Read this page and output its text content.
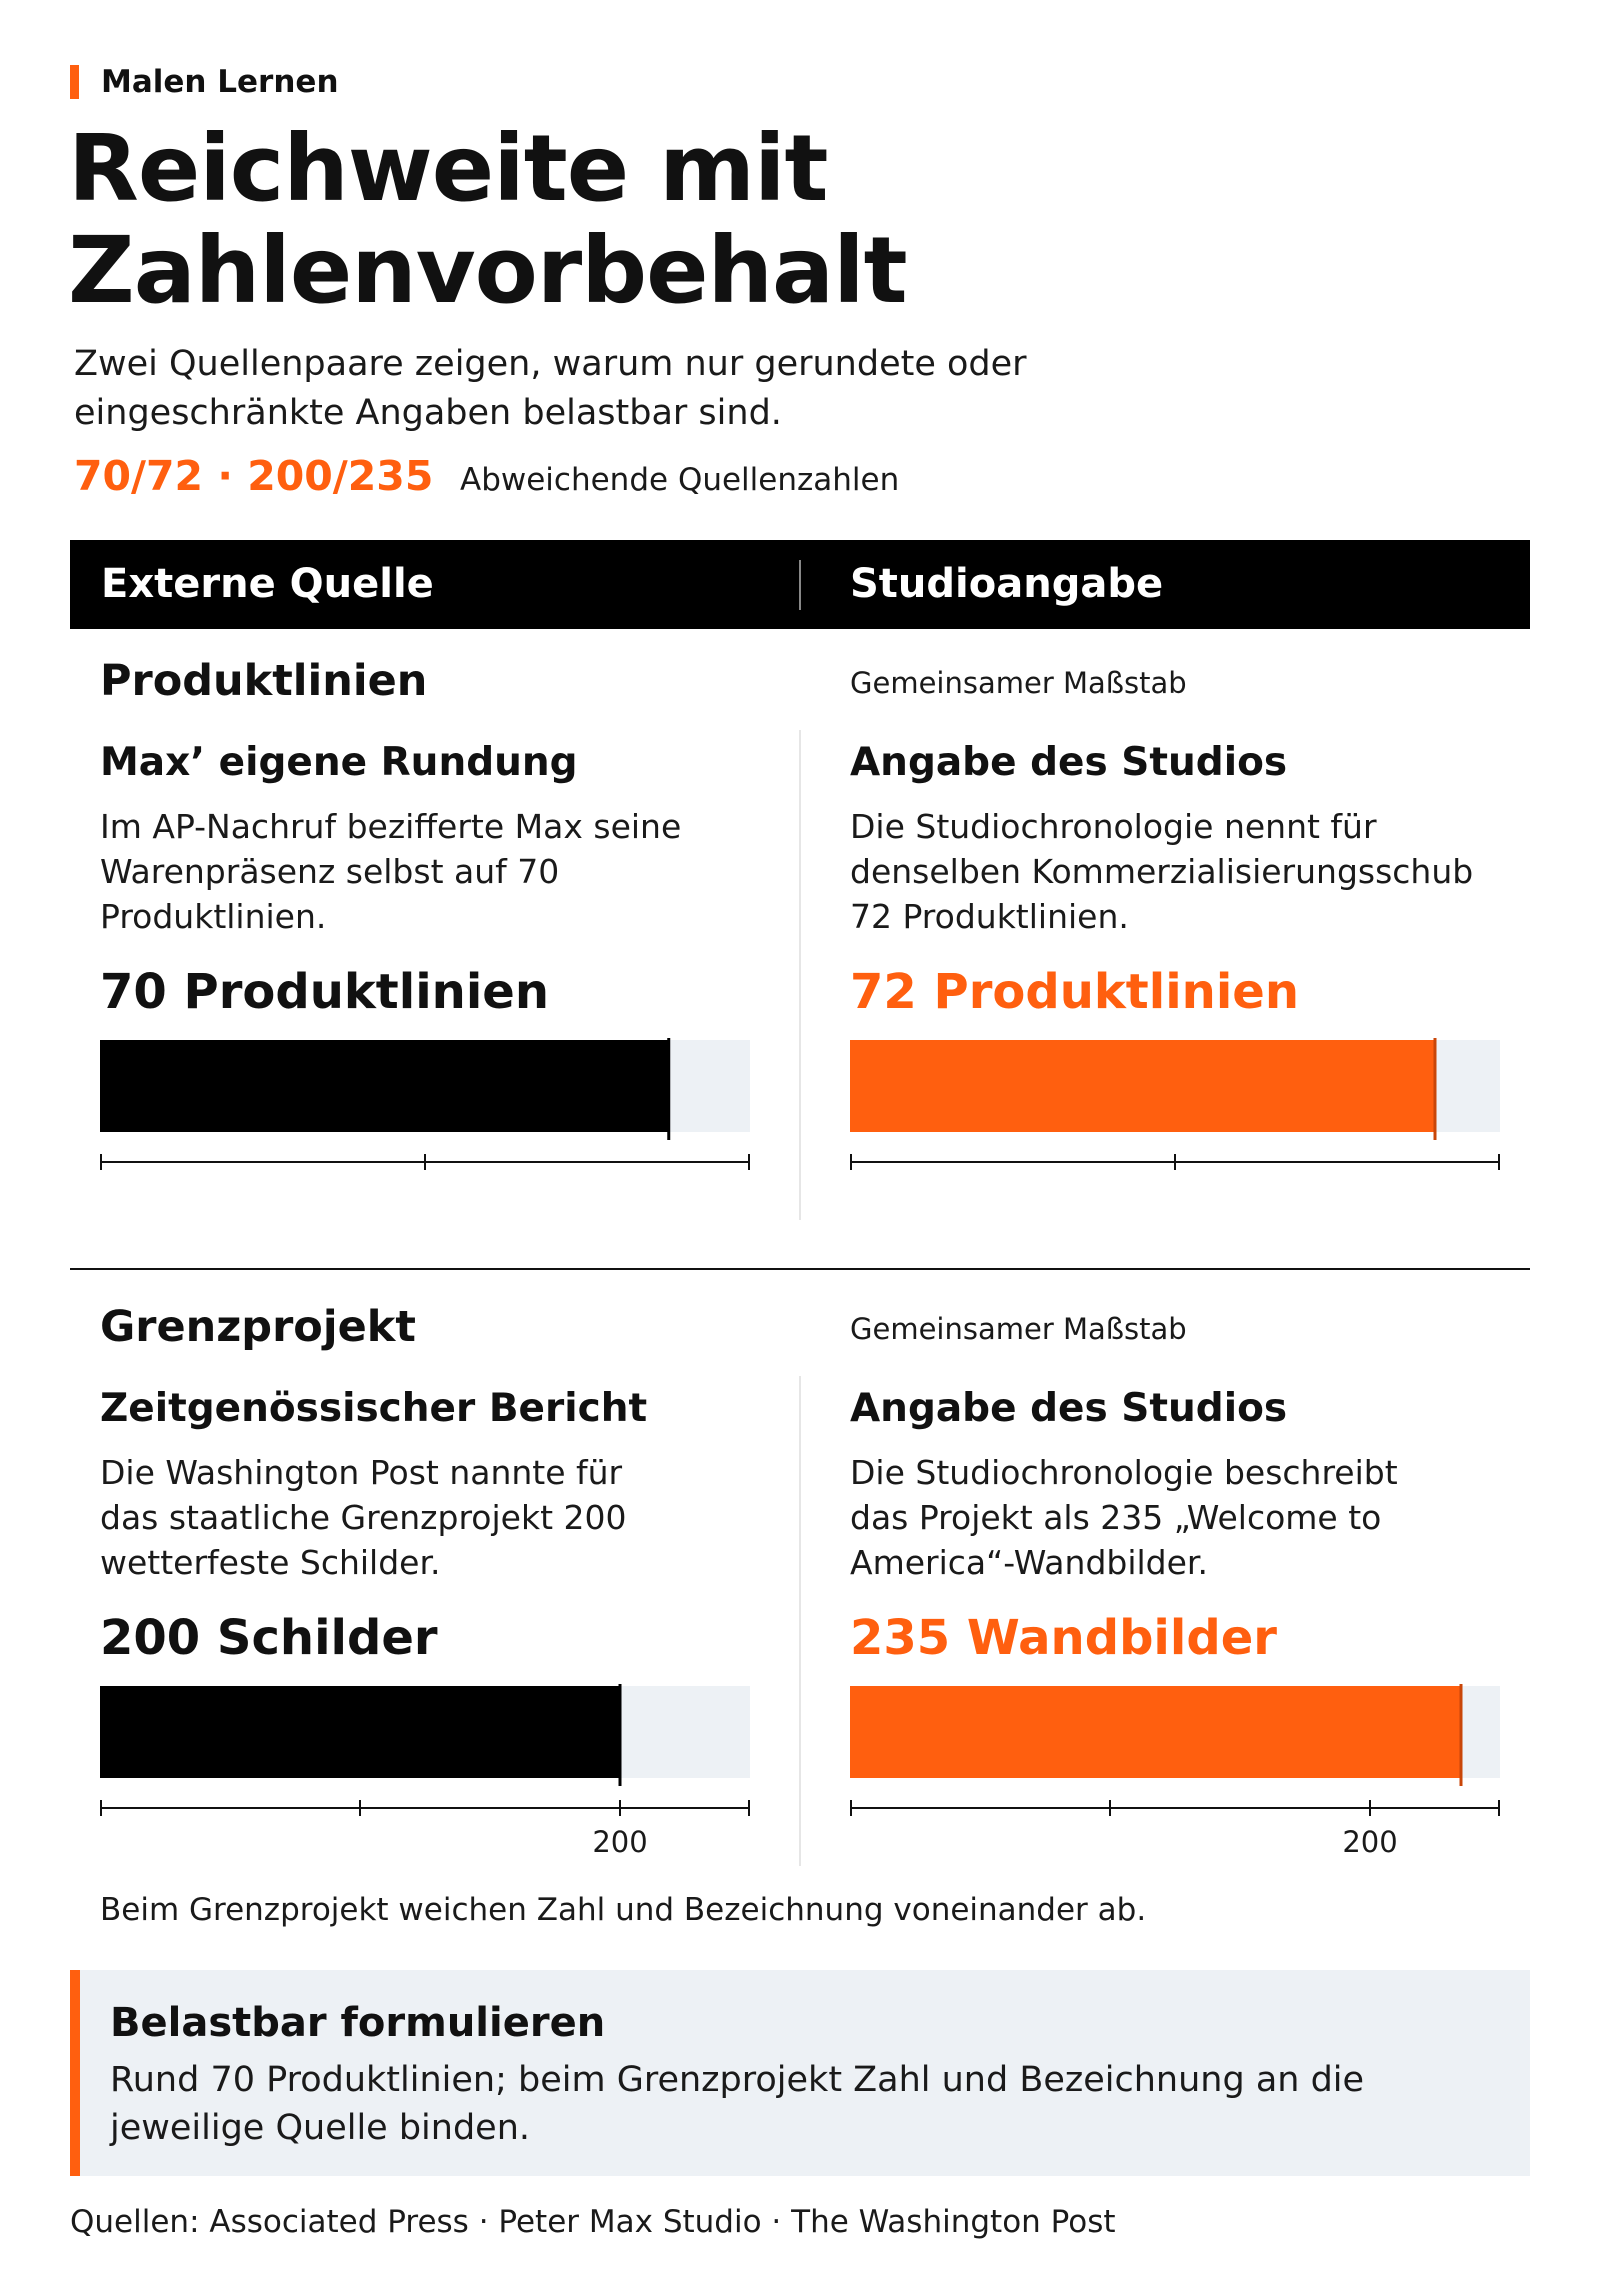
Malen Lernen
Reichweite mit Zahlenvorbehalt
Zwei Quellenpaare zeigen, warum nur gerundete oder eingeschränkte Angaben belastbar sind.
70/72 · 200/235 Abweichende Quellenzahlen
Externe Quelle	Studioangabe
Produktlinien	Gemeinsamer Maßstab
Max’ eigene Rundung
Im AP-Nachruf bezifferte Max seine Warenpräsenz selbst auf 70 Produktlinien.
70 Produktlinien
Angabe des Studios
Die Studiochronologie nennt für denselben Kommerzialisierungsschub 72 Produktlinien.
72 Produktlinien
Grenzprojekt	Gemeinsamer Maßstab
Zeitgenössischer Bericht
Die Washington Post nannte für das staatliche Grenzprojekt 200 wetterfeste Schilder.
200 Schilder
Angabe des Studios
Die Studiochronologie beschreibt das Projekt als 235 „Welcome to America“-Wandbilder.
235 Wandbilder
200	200
Beim Grenzprojekt weichen Zahl und Bezeichnung voneinander ab.
Belastbar formulieren
Rund 70 Produktlinien; beim Grenzprojekt Zahl und Bezeichnung an die jeweilige Quelle binden.
Quellen: Associated Press · Peter Max Studio · The Washington Post
